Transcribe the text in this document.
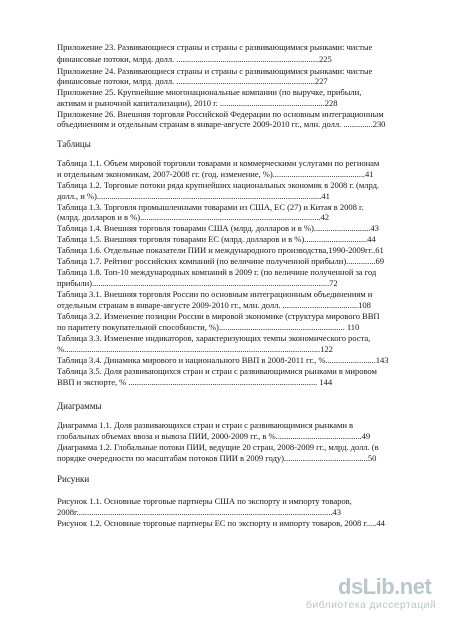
Приложение 23. Развивающиеся страны и страны с развивающимися рынками: чистые
финансовые потоки, млрд. долл. ....................................................................225
Приложение 24. Развивающиеся страны и страны с развивающимися рынками: чистые
финансовые потоки, млрд. долл. ..................................................................227
Приложение 25. Крупнейшие многонациональные компании (по выручке, прибыли,
активам и рыночной капитализации), 2010 г. ..................................................228
Приложение 26. Внешняя торговля Российской Федерации по основным интеграционным
объединениям и отдельным странам в январе-августе 2009-2010 гг., млн. долл. ..............230
Таблицы
Таблица 1.1. Объем мировой торговли товарами и коммерческими услугами по регионам
и отдельным экономикам, 2007-2008 гг. (год. изменение, %)............................................41
Таблица 1.2. Торговые потоки ряда крупнейших национальных экономик в 2008 г. (млрд.
долл., и %)...........................................................................................................41
Таблица 1.3. Торговля промышленными товарами из США, ЕС (27) и Китая в 2008 г.
(млрд. долларов и в %)......................................................................................42
Таблица 1.4. Внешняя торговля товарами США (млрд. долларов и в %)...........................43
Таблица 1.5. Внешняя торговля товарами ЕС (млрд. долларов и в %)..............................44
Таблица 1.6. Отдельные показатели ПИИ и международного производства,1990-2009гг..61
Таблица 1.7. Рейтинг российских компаний (по величине полученной прибыли)..............69
Таблица 1.8. Топ-10 международных компаний в 2009 г. (по величине полученной за год
прибыли).................................................................................................................72
Таблица 3.1. Внешняя торговля России по основным интеграционным объединениям и
отдельным странам в январе-августе 2009-2010 гг., млн. долл. ....................................108
Таблица 3.2. Изменение позиции России в мировой экономике (структура мирового ВВП
по паритету покупательной способности, %)............................................................ 110
Таблица 3.3. Изменение индикаторов, характеризующих темпы экономического роста,
%..........................................................................................................................122
Таблица 3.4. Динамика мирового и национального ВВП в 2008-2011 гг., %........................143
Таблица 3.5. Доля развивающихся стран и стран с развивающимися рынками в мировом
ВВП и экспорте, % .......................................................................................... 144
Диаграммы
Диаграмма 1.1. Доля развивающихся стран и стран с развивающимися рынками в
глобальных объемах ввоза и вывоза ПИИ, 2000-2009 гг., в %.........................................49
Диаграмма 1.2. Глобальные потоки ПИИ, ведущие 20 стран, 2008-2009 гг., млрд. долл. (в
порядке очередности по масштабам потоков ПИИ в 2009 году)........................................50
Рисунки
Рисунок 1.1. Основные торговые партнеры США по экспорту и импорту товаров,
2008г..........................................................................................................................43
Рисунок 1.2. Основные торговые партнеры ЕС по экспорту и импорту товаров, 2008 г.....44
dsLib.net
библиотека диссертаций
